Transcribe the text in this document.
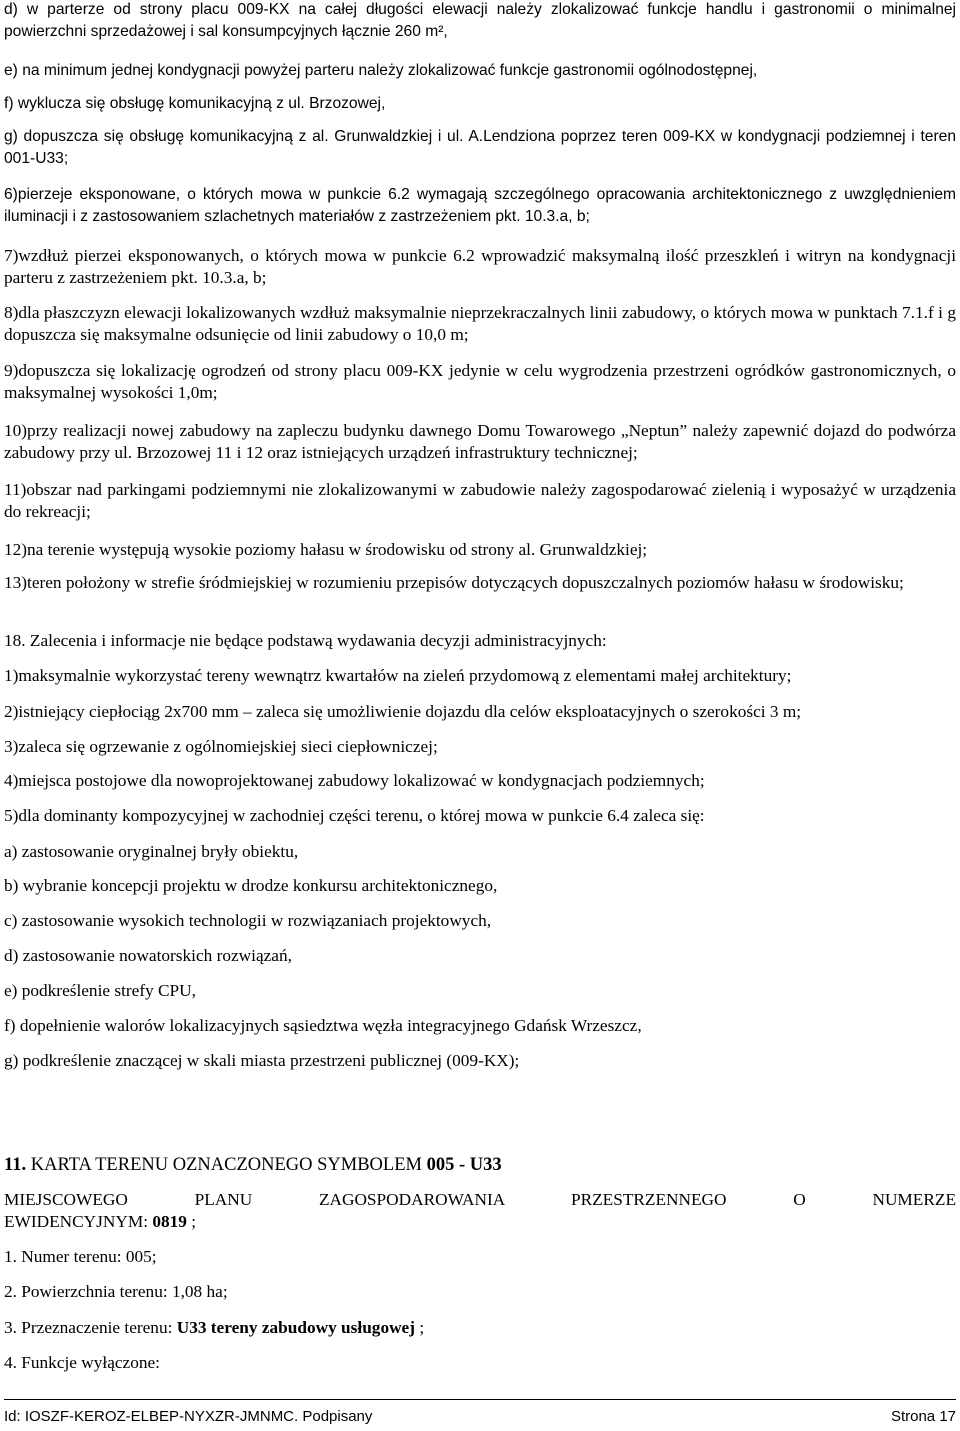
d) w parterze od strony placu 009-KX na całej długości elewacji należy zlokalizować funkcje handlu i gastronomii o minimalnej powierzchni sprzedażowej i sal konsumpcyjnych łącznie 260 m²,

e) na minimum jednej kondygnacji powyżej parteru należy zlokalizować funkcje gastronomii ogólnodostępnej,

f) wyklucza się obsługę komunikacyjną z ul. Brzozowej,

g) dopuszcza się obsługę komunikacyjną z al. Grunwaldzkiej i ul. A.Lendziona poprzez teren 009-KX w kondygnacji podziemnej i teren 001-U33;

6)pierzeje eksponowane, o których mowa w punkcie 6.2 wymagają szczególnego opracowania architektonicznego z uwzględnieniem iluminacji i z zastosowaniem szlachetnych materiałów z zastrzeżeniem pkt. 10.3.a, b;

7)wzdłuż pierzei eksponowanych, o których mowa w punkcie 6.2 wprowadzić maksymalną ilość przeszkleń i witryn na kondygnacji parteru z zastrzeżeniem pkt. 10.3.a, b;

8)dla płaszczyzn elewacji lokalizowanych wzdłuż maksymalnie nieprzekraczalnych linii zabudowy, o których mowa w punktach 7.1.f i g dopuszcza się maksymalne odsunięcie od linii zabudowy o 10,0 m;

9)dopuszcza się lokalizację ogrodzeń od strony placu 009-KX jedynie w celu wygrodzenia przestrzeni ogródków gastronomicznych, o maksymalnej wysokości 1,0m;

10)przy realizacji nowej zabudowy na zapleczu budynku dawnego Domu Towarowego „Neptun” należy zapewnić dojazd do podwórza zabudowy przy ul. Brzozowej 11 i 12 oraz istniejących urządzeń infrastruktury technicznej;

11)obszar nad parkingami podziemnymi nie zlokalizowanymi w zabudowie należy zagospodarować zielenią i wyposażyć w urządzenia do rekreacji;

12)na terenie występują wysokie poziomy hałasu w środowisku od strony al. Grunwaldzkiej;

13)teren położony w strefie śródmiejskiej w rozumieniu przepisów dotyczących dopuszczalnych poziomów hałasu w środowisku;

18. Zalecenia i informacje nie będące podstawą wydawania decyzji administracyjnych:

1)maksymalnie wykorzystać tereny wewnątrz kwartałów na zieleń przydomową z elementami małej architektury;

2)istniejący ciepłociąg 2x700 mm – zaleca się umożliwienie dojazdu dla celów eksploatacyjnych o szerokości 3 m;

3)zaleca się ogrzewanie z ogólnomiejskiej sieci ciepłowniczej;

4)miejsca postojowe dla nowoprojektowanej zabudowy lokalizować w kondygnacjach podziemnych;

5)dla dominanty kompozycyjnej w zachodniej części terenu, o której mowa w punkcie 6.4 zaleca się:

a) zastosowanie oryginalnej bryły obiektu,

b) wybranie koncepcji projektu w drodze konkursu architektonicznego,

c) zastosowanie wysokich technologii w rozwiązaniach projektowych,

d) zastosowanie nowatorskich rozwiązań,

e) podkreślenie strefy CPU,

f) dopełnienie walorów lokalizacyjnych sąsiedztwa węzła integracyjnego Gdańsk Wrzeszcz,

g) podkreślenie znaczącej w skali miasta przestrzeni publicznej (009-KX);

11. KARTA TERENU OZNACZONEGO SYMBOLEM 005 - U33

MIEJSCOWEGO PLANU ZAGOSPODAROWANIA PRZESTRZENNEGO O NUMERZE

EWIDENCYJNYM: 0819 ;

1. Numer terenu: 005;

2. Powierzchnia terenu: 1,08 ha;

3. Przeznaczenie terenu: U33 tereny zabudowy usługowej ;

4. Funkcje wyłączone:

Id: IOSZF-KEROZ-ELBEP-NYXZR-JMNMC. Podpisany	Strona 17
